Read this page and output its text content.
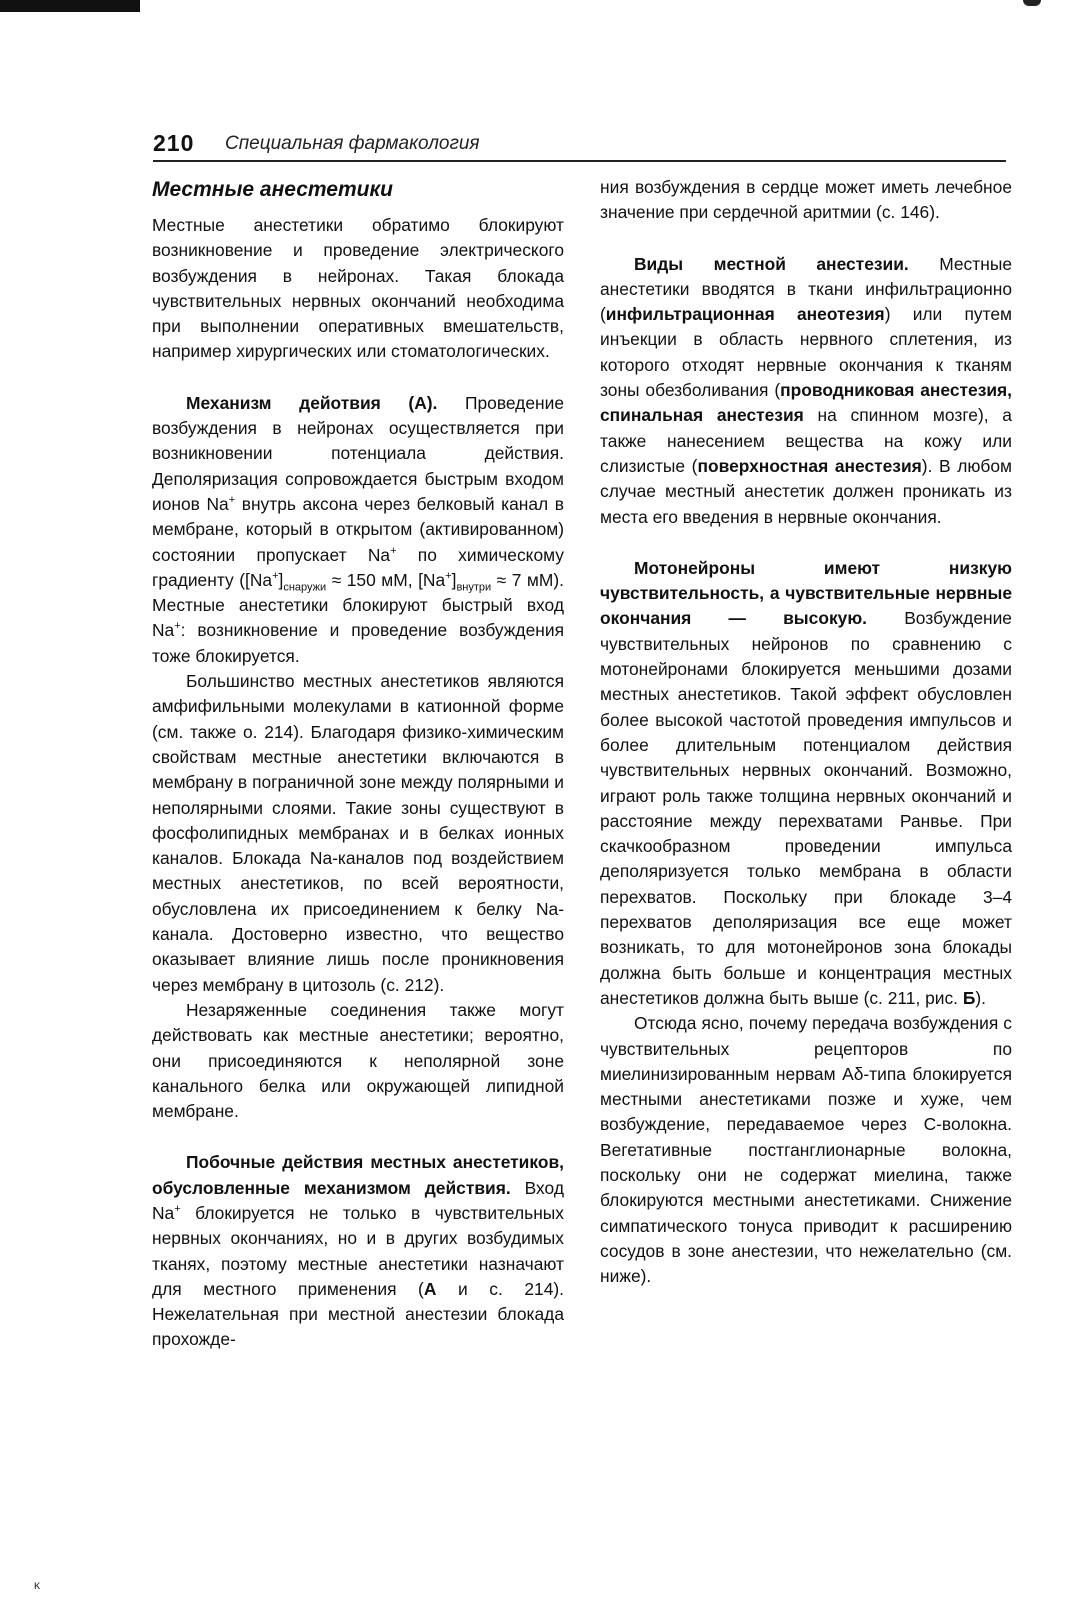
210 Специальная фармакология
Местные анестетики

Местные анестетики обратимо блокируют возникновение и проведение электрического возбуждения в нейронах. Такая блокада чувствительных нервных окончаний необходима при выполнении оперативных вмешательств, например хирургических или стоматологических.

Механизм дейотвия (А). Проведение возбуждения в нейронах осуществляется при возникновении потенциала действия. Деполяризация сопровождается быстрым входом ионов Na+ внутрь аксона через белковый канал в мембране, который в открытом (активированном) состоянии пропускает Na+ по химическому градиенту ($[Na^+]_{снаружи} \approx 150$ мМ, $[Na^+]_{внутри} \approx 7$ мМ). Местные анестетики блокируют быстрый вход Na+: возникновение и проведение возбуждения тоже блокируется.

Большинство местных анестетиков являются амфифильными молекулами в катионной форме (см. также о. 214). Благодаря физико-химическим свойствам местные анестетики включаются в мембрану в пограничной зоне между полярными и неполярными слоями. Такие зоны существуют в фосфолипидных мембранах и в белках ионных каналов. Блокада Na-каналов под воздействием местных анестетиков, по всей вероятности, обусловлена их присоединением к белку Na-канала. Достоверно известно, что вещество оказывает влияние лишь после проникновения через мембрану в цитозоль (с. 212).

Незаряженные соединения также могут действовать как местные анестетики; вероятно, они присоединяются к неполярной зоне канального белка или окружающей липидной мембране.

Побочные действия местных анестетиков, обусловленные механизмом действия. Вход Na+ блокируется не только в чувствительных нервных окончаниях, но и в других возбудимых тканях, поэтому местные анестетики назначают для местного применения (А и с. 214). Нежелательная при местной анестезии блокада прохожде-

ния возбуждения в сердце может иметь лечебное значение при сердечной аритмии (с. 146).

Виды местной анестезии. Местные анестетики вводятся в ткани инфильтрационно (инфильтрационная анеотезия) или путем инъекции в область нервного сплетения, из которого отходят нервные окончания к тканям зоны обезболивания (проводниковая анестезия, спинальная анестезия на спинном мозге), а также нанесением вещества на кожу или слизистые (поверхностная анестезия). В любом случае местный анестетик должен проникать из места его введения в нервные окончания.

Мотонейроны имеют низкую чувствительность, а чувствительные нервные окончания — высокую. Возбуждение чувствительных нейронов по сравнению с мотонейронами блокируется меньшими дозами местных анестетиков. Такой эффект обусловлен более высокой частотой проведения импульсов и более длительным потенциалом действия чувствительных нервных окончаний. Возможно, играют роль также толщина нервных окончаний и расстояние между перехватами Ранвье. При скачкообразном проведении импульса деполяризуется только мембрана в области перехватов. Поскольку при блокаде 3–4 перехватов деполяризация все еще может возникать, то для мотонейронов зона блокады должна быть больше и концентрация местных анестетиков должна быть выше (с. 211, рис. Б).

Отсюда ясно, почему передача возбуждения с чувствительных рецепторов по миелинизированным нервам Аδ-типа блокируется местными анестетиками позже и хуже, чем возбуждение, передаваемое через С-волокна. Вегетативные постганглионарные волокна, поскольку они не содержат миелина, также блокируются местными анестетиками. Снижение симпатического тонуса приводит к расширению сосудов в зоне анестезии, что нежелательно (см. ниже).

ĸ
